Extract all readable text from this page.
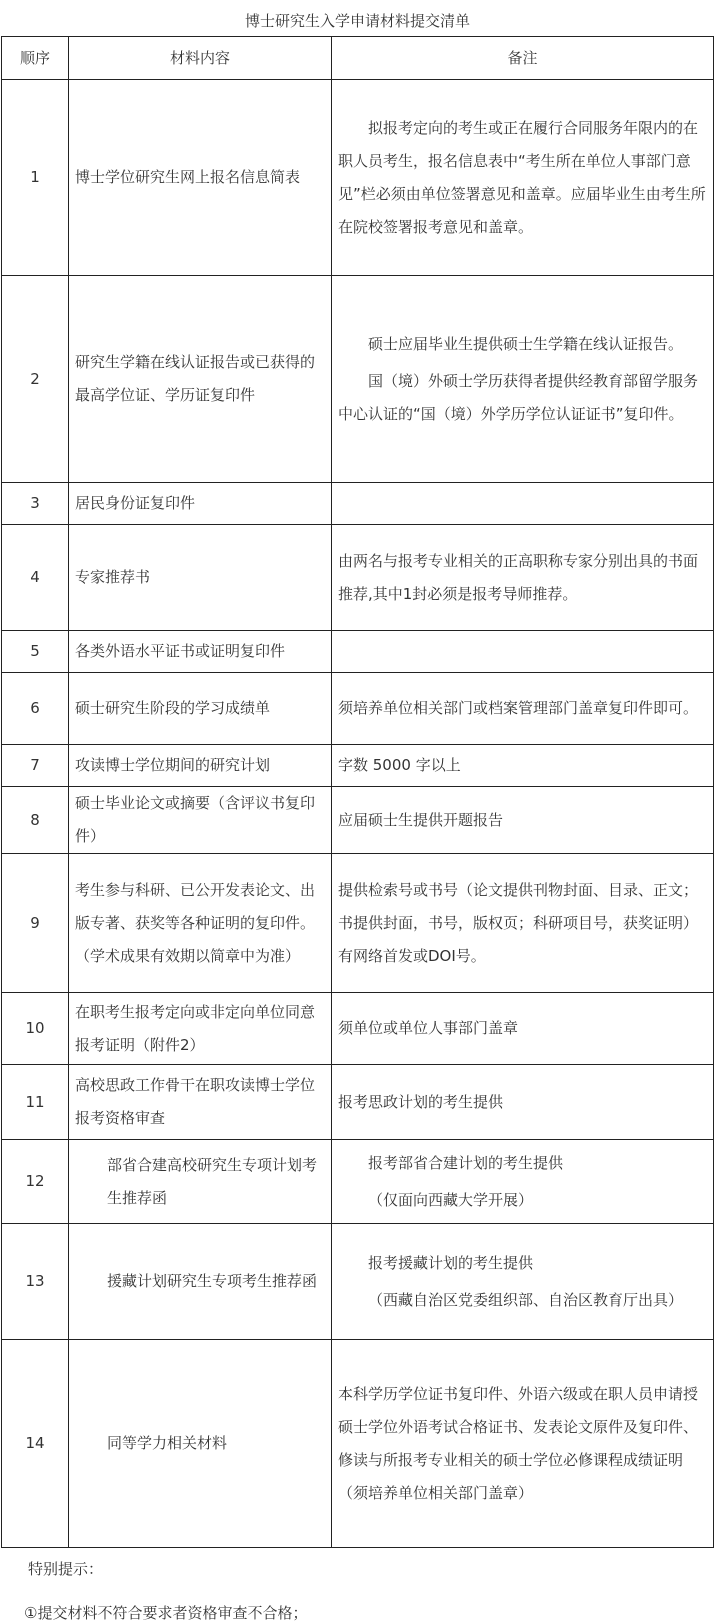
博士研究生入学申请材料提交清单
顺序	材料内容	备注
1	博士学位研究生网上报名信息简表	拟报考定向的考生或正在履行合同服务年限内的在职人员考生，报名信息表中“考生所在单位人事部门意见”栏必须由单位签署意见和盖章。应届毕业生由考生所在院校签署报考意见和盖章。

2	研究生学籍在线认证报告或已获得的最高学位证、学历证复印件	硕士应届毕业生提供硕士生学籍在线认证报告。

国（境）外硕士学历获得者提供经教育部留学服务中心认证的“国（境）外学历学位认证证书”复印件。

3	居民身份证复印件	
4	专家推荐书	由两名与报考专业相关的正高职称专家分别出具的书面推荐,其中1封必须是报考导师推荐。

5	各类外语水平证书或证明复印件	
6	硕士研究生阶段的学习成绩单	须培养单位相关部门或档案管理部门盖章复印件即可。

7	攻读博士学位期间的研究计划	字数 5000 字以上

8	硕士毕业论文或摘要（含评议书复印件）	应届硕士生提供开题报告

9	考生参与科研、已公开发表论文、出版专著、获奖等各种证明的复印件。（学术成果有效期以简章中为准）	提供检索号或书号（论文提供刊物封面、目录、正文；书提供封面，书号，版权页；科研项目号，获奖证明）有网络首发或DOI号。

10	在职考生报考定向或非定向单位同意报考证明（附件2）	须单位或单位人事部门盖章

11	高校思政工作骨干在职攻读博士学位报考资格审查	报考思政计划的考生提供

12	部省合建高校研究生专项计划考生推荐函	报考部省合建计划的考生提供

（仅面向西藏大学开展）

13	援藏计划研究生专项考生推荐函	报考援藏计划的考生提供

（西藏自治区党委组织部、自治区教育厅出具）

14	同等学力相关材料	本科学历学位证书复印件、外语六级或在职人员申请授硕士学位外语考试合格证书、发表论文原件及复印件、修读与所报考专业相关的硕士学位必修课程成绩证明（须培养单位相关部门盖章）

特别提示：
①提交材料不符合要求者资格审查不合格；
